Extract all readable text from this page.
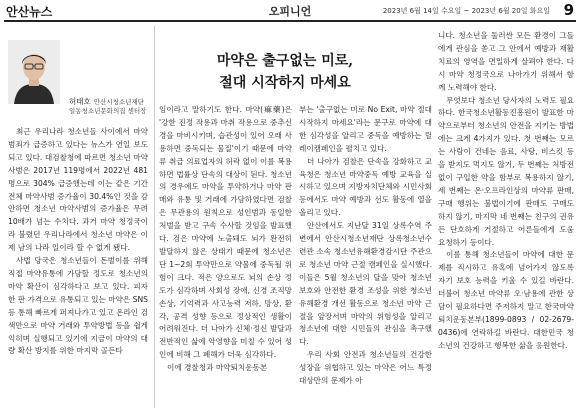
안산뉴스	오피니언	2023년 6월 14일 수요일 ~ 2023년 6월 20일 화요일 9
허태호 안산시청소년재단
일동청소년문화의집 센터장
마약은 출구없는 미로,
절대 시작하지 마세요

최근 우리나라 청소년들 사이에서 마약 범죄가 급증하고 있다는 뉴스가 연일 보도되고 있다. 대검찰청에 따르면 청소년 마약사범은 2017년 119명에서 2022년 481명으로 304% 급증했는데 이는 같은 기간 전체 마약사범 증가율이 30.4%인 것을 감안하면 청소년 마약사범의 증가율은 무려 10배가 넘는 수치다. 과거 마약 청정국이라 불렸던 우리나라에서 청소년 마약은 이제 남의 나라 일이라 할 수 없게 됐다.

사법 당국은 청소년들이 돈벌이를 위해 직접 마약유통에 가담할 정도로 청소년의 마약 확산이 심각하다고 보고 있다. 피자 한 판 가격으로 유통되고 있는 마약은 SNS 등 통해 빠르게 퍼져나가고 있고 온라인 검색만으로 마약 거래와 투약방법 등을 쉽게 익히며 실행되고 있기에 지금이 마약의 대량 확산 방지를 위한 마지막 골든타

임이라고 말하기도 한다. 마약(痲藥)은 '강한 진정 작용과 마취 작용으로 중추신경을 마비시키며, 습관성이 있어 오래 사용하면 중독되는 물질'이기 때문에 마약류 취급 의료업자의 허락 없이 이를 복용하면 법률상 단속의 대상이 된다. 청소년의 경우에도 마약을 투약하거나 마약 판매와 유통 및 거래에 가담하였다면 검찰은 무관용의 원칙으로 성인범과 동일한 처벌을 받고 구속 수사할 것임을 발표했다. 검은 마약에 노출돼도 뇌가 완전히 발달하지 않은 상태기 때문에 청소년은 단 1~2회 투약만으로 약물에 중독될 위험이 크다. 적은 양으로도 뇌의 손상 정도가 심각하며 사회성 장애, 신경 조직망 손상, 기억력과 사고능력 저하, 망상, 환각, 공격 성향 등으로 정상적인 생활이 어려워진다. 더 나아가 신체·정신 발달과 전반적인 삶에 악영향을 미칠 수 있어 성인에 비해 그 폐해가 더욱 심각하다.

이에 경찰청과 마약퇴치운동본

부는 '출구없는 미로 No Exit, 마약 절대 시작하지 마세요'라는 문구로 마약에 대한 심각성을 알리고 중독을 예방하는 릴레이캠페인을 펼치고 있다.

더 나아가 검찰은 단속을 강화하고 교육청은 청소년 마약중독 예방 교육을 실시하고 있으며 지방자치단체와 시민사회 등에서도 마약 예방과 선도 활동에 열을 올리고 있다.

안산에서도 지난달 31일 상록수역 주변에서 안산시청소년재단 상록청소년수련관 소속 청소년유해환경감시단 주관으로 청소년 마약 근절 캠페인을 실시했다. 이들은 5월 청소년의 달을 맞아 청소년 보호와 안전한 환경 조성을 위한 청소년 유해환경 개선 활동으로 청소년 마약 근절을 앞장서며 마약의 위험성을 알리고 청소년에 대한 시민들의 관심을 촉구했다.

우리 사회 안전과 청소년들의 건강한 성장을 위협하고 있는 마약은 어느 특정 대상만의 문제가 아

니다. 청소년을 둘러싼 모든 환경이 그들에게 관심을 쏟고 그 안에서 예방과 재활 치료의 영역을 면밀하게 살펴야 한다. 다시 마약 청정국으로 나아가기 위해서 함께 노력해야 한다.

무엇보다 청소년 당사자의 노력도 필요하다. 한국청소년활동진흥원이 발표한 마약으로부터 청소년의 안전을 지키는 방법에는 크게 4가지가 있다. 첫 번째는 모르는 사람이 건네는 음료, 사탕, 비스킷 등을 받지도 먹지도 않기, 두 번째는 처방전 없이 구입한 약을 함부로 복용하지 않기, 세 번째는 온·오프라인상의 마약류 판매, 구매 행위는 불법이기에 판매도 구매도 하지 않기, 마지막 네 번째는 친구의 권유든 단호하게 거절하고 어른들에게 도움 요청하기 등이다.

이를 통해 청소년들이 마약에 대한 문제를 직시하고 유혹에 넘어가지 않도록 자기 보호 능력을 키울 수 있길 바란다. 더불어 청소년 마약류 오·남용에 관한 상담이 필요하다면 주저하지 말고 한국마약퇴치운동본부(1899-0893 / 02-2679-0436)에 연락하길 바란다. 대한민국 청소년의 건강하고 행복한 삶을 응원한다.
